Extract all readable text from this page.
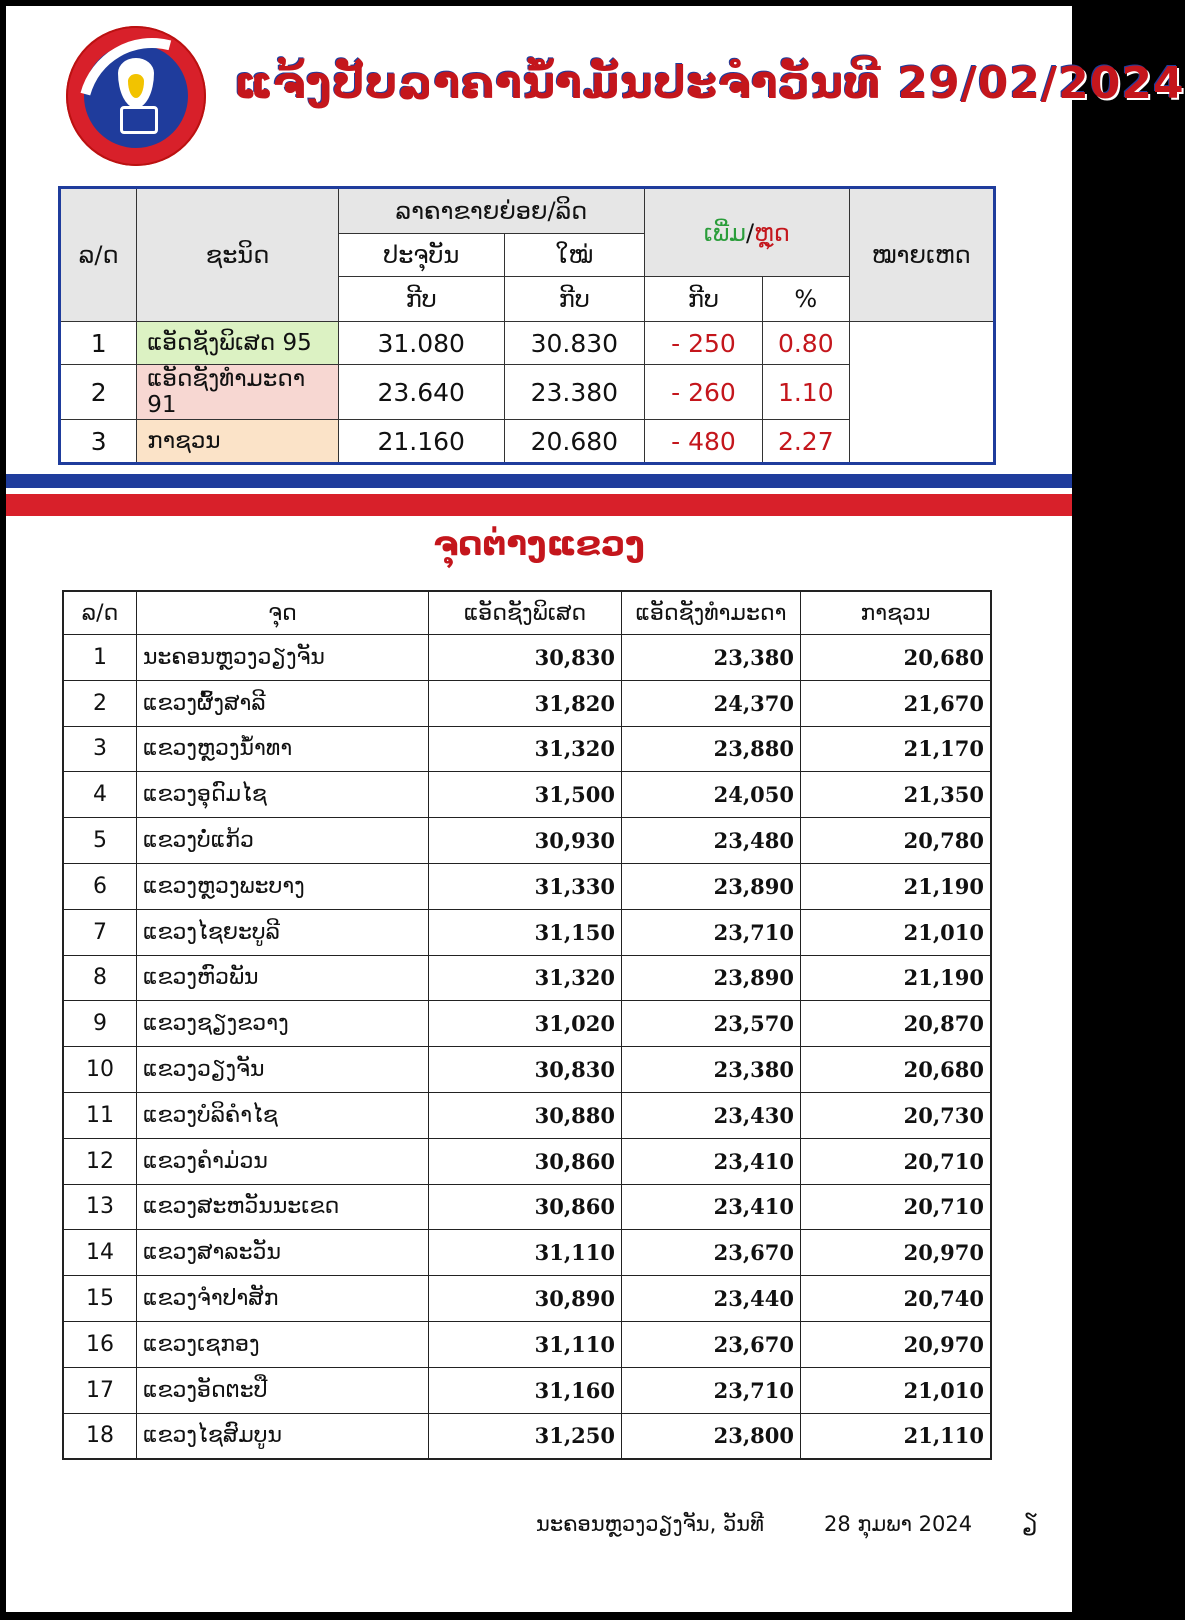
ແຈ້ງປັບລາຄານ້ຳມັນປະຈຳວັນທີ 29/02/2024
ລ/ດ	ຊະນິດ	ລາຄາຂາຍຍ່ອຍ/ລິດ		ເພີ່ມ/ຫຼຸດ		ໝາຍເຫດ
		ປະຈຸບັນ	ໃໝ່			
		ກີບ	ກີບ	ກີບ	%	
1	ແອັດຊັງພິເສດ 95	31.080	30.830	- 250	0.80	
2	ແອັດຊັງທຳມະດາ 91	23.640	23.380	- 260	1.10	
3	ກາຊວນ	21.160	20.680	- 480	2.27	
ຈຸດຕ່າງແຂວງ
ລ/ດ	ຈຸດ	ແອັດຊັງພິເສດ	ແອັດຊັງທຳມະດາ	ກາຊວນ
1	ນະຄອນຫຼວງວຽງຈັນ	30,830	23,380	20,680
2	ແຂວງຜົ້ງສາລີ	31,820	24,370	21,670
3	ແຂວງຫຼວງນ້ຳທາ	31,320	23,880	21,170
4	ແຂວງອຸດົມໄຊ	31,500	24,050	21,350
5	ແຂວງບໍ່ແກ້ວ	30,930	23,480	20,780
6	ແຂວງຫຼວງພະບາງ	31,330	23,890	21,190
7	ແຂວງໄຊຍະບູລີ	31,150	23,710	21,010
8	ແຂວງຫົວພັນ	31,320	23,890	21,190
9	ແຂວງຊຽງຂວາງ	31,020	23,570	20,870
10	ແຂວງວຽງຈັນ	30,830	23,380	20,680
11	ແຂວງບໍລິຄຳໄຊ	30,880	23,430	20,730
12	ແຂວງຄຳມ່ວນ	30,860	23,410	20,710
13	ແຂວງສະຫວັນນະເຂດ	30,860	23,410	20,710
14	ແຂວງສາລະວັນ	31,110	23,670	20,970
15	ແຂວງຈຳປາສັກ	30,890	23,440	20,740
16	ແຂວງເຊກອງ	31,110	23,670	20,970
17	ແຂວງອັດຕະປື	31,160	23,710	21,010
18	ແຂວງໄຊສົມບູນ	31,250	23,800	21,110
ນະຄອນຫຼວງວຽງຈັນ, ວັນທີ	28 ກຸມພາ 2024 ຽ
